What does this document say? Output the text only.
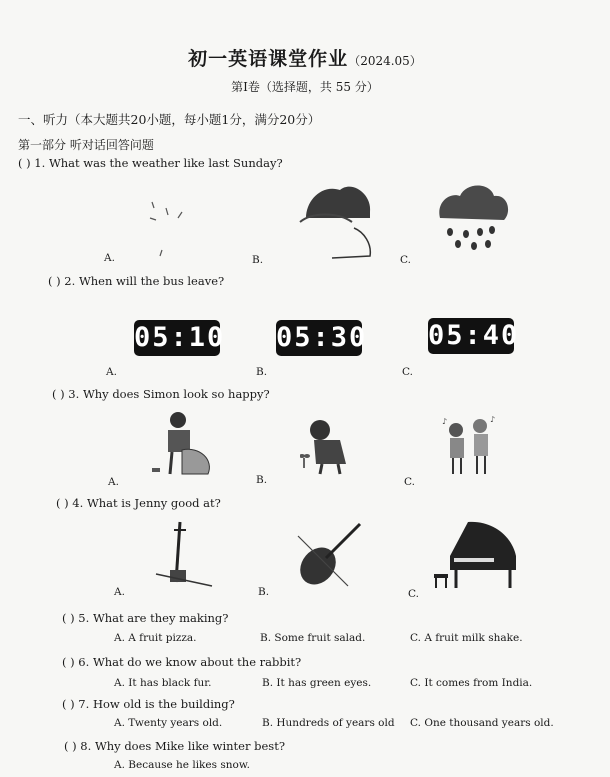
初一英语课堂作业（2024.05）
第Ⅰ卷（选择题，共 55 分）
一、听力（本大题共20小题，每小题1分，满分20分）
第一部分 听对话回答问题
( ) 1. What was the weather like last Sunday?
A.	B.	C.
( ) 2. When will the bus leave?
05:10 05:30 05:40
A.	B.	C.
( ) 3. Why does Simon look so happy?
♪	♪
A.	B.	C.
( ) 4. What is Jenny good at?
A.	B.	C.
( ) 5. What are they making?
A. A fruit pizza.	B. Some fruit salad.	C. A fruit milk shake.
( ) 6. What do we know about the rabbit?
A. It has black fur.	B. It has green eyes.	C. It comes from India.
( ) 7. How old is the building?
A. Twenty years old.	B. Hundreds of years old C. One thousand years old.
( ) 8. Why does Mike like winter best?
A. Because he likes snow.
